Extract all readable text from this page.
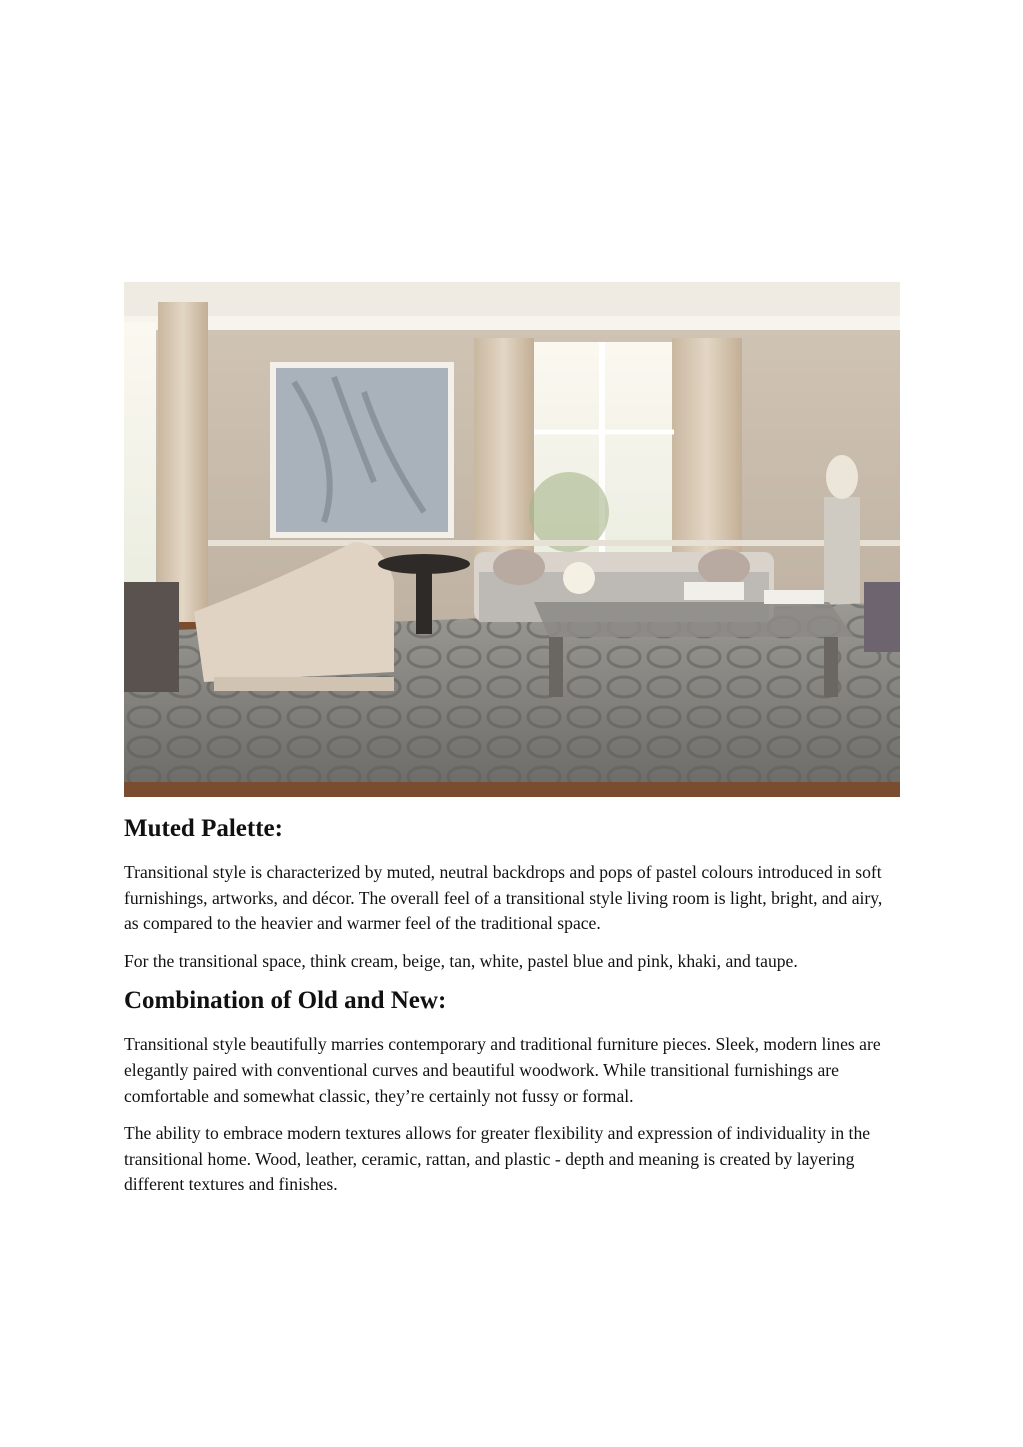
Muted Palette:

Transitional style is characterized by muted, neutral backdrops and pops of pastel colours introduced in soft furnishings, artworks, and décor. The overall feel of a transitional style living room is light, bright, and airy, as compared to the heavier and warmer feel of the traditional space.

For the transitional space, think cream, beige, tan, white, pastel blue and pink, khaki, and taupe.

Combination of Old and New:

Transitional style beautifully marries contemporary and traditional furniture pieces. Sleek, modern lines are elegantly paired with conventional curves and beautiful woodwork. While transitional furnishings are comfortable and somewhat classic, they’re certainly not fussy or formal.

The ability to embrace modern textures allows for greater flexibility and expression of individuality in the transitional home. Wood, leather, ceramic, rattan, and plastic - depth and meaning is created by layering different textures and finishes.
